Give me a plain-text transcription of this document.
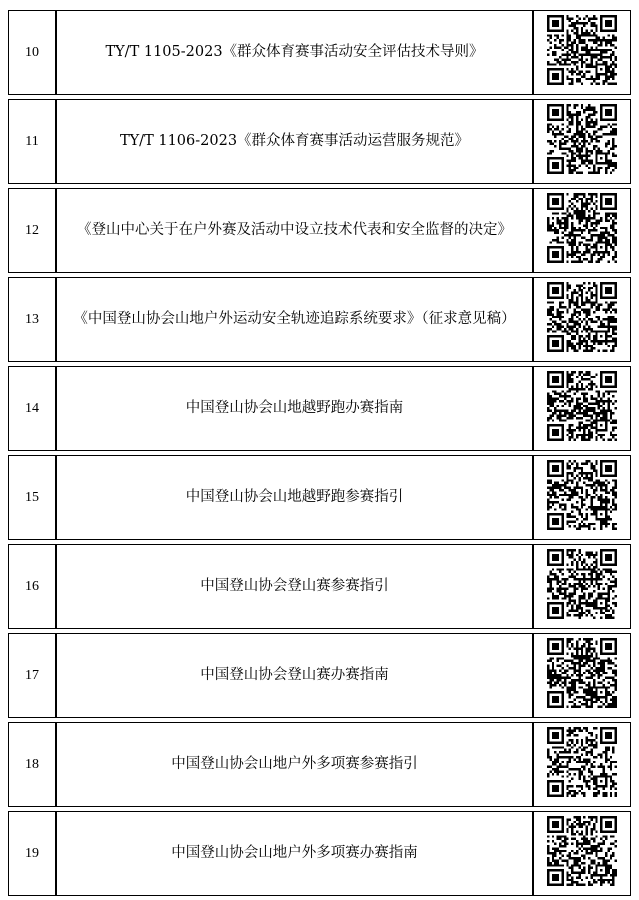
10	TY/T 1105-2023《群众体育赛事活动安全评估技术导则》	
11	TY/T 1106-2023《群众体育赛事活动运营服务规范》	
12	《登山中心关于在户外赛及活动中设立技术代表和安全监督的决定》	
13	《中国登山协会山地户外运动安全轨迹追踪系统要求》（征求意见稿）	
14	中国登山协会山地越野跑办赛指南	
15	中国登山协会山地越野跑参赛指引	
16	中国登山协会登山赛参赛指引	
17	中国登山协会登山赛办赛指南	
18	中国登山协会山地户外多项赛参赛指引	
19	中国登山协会山地户外多项赛办赛指南	
